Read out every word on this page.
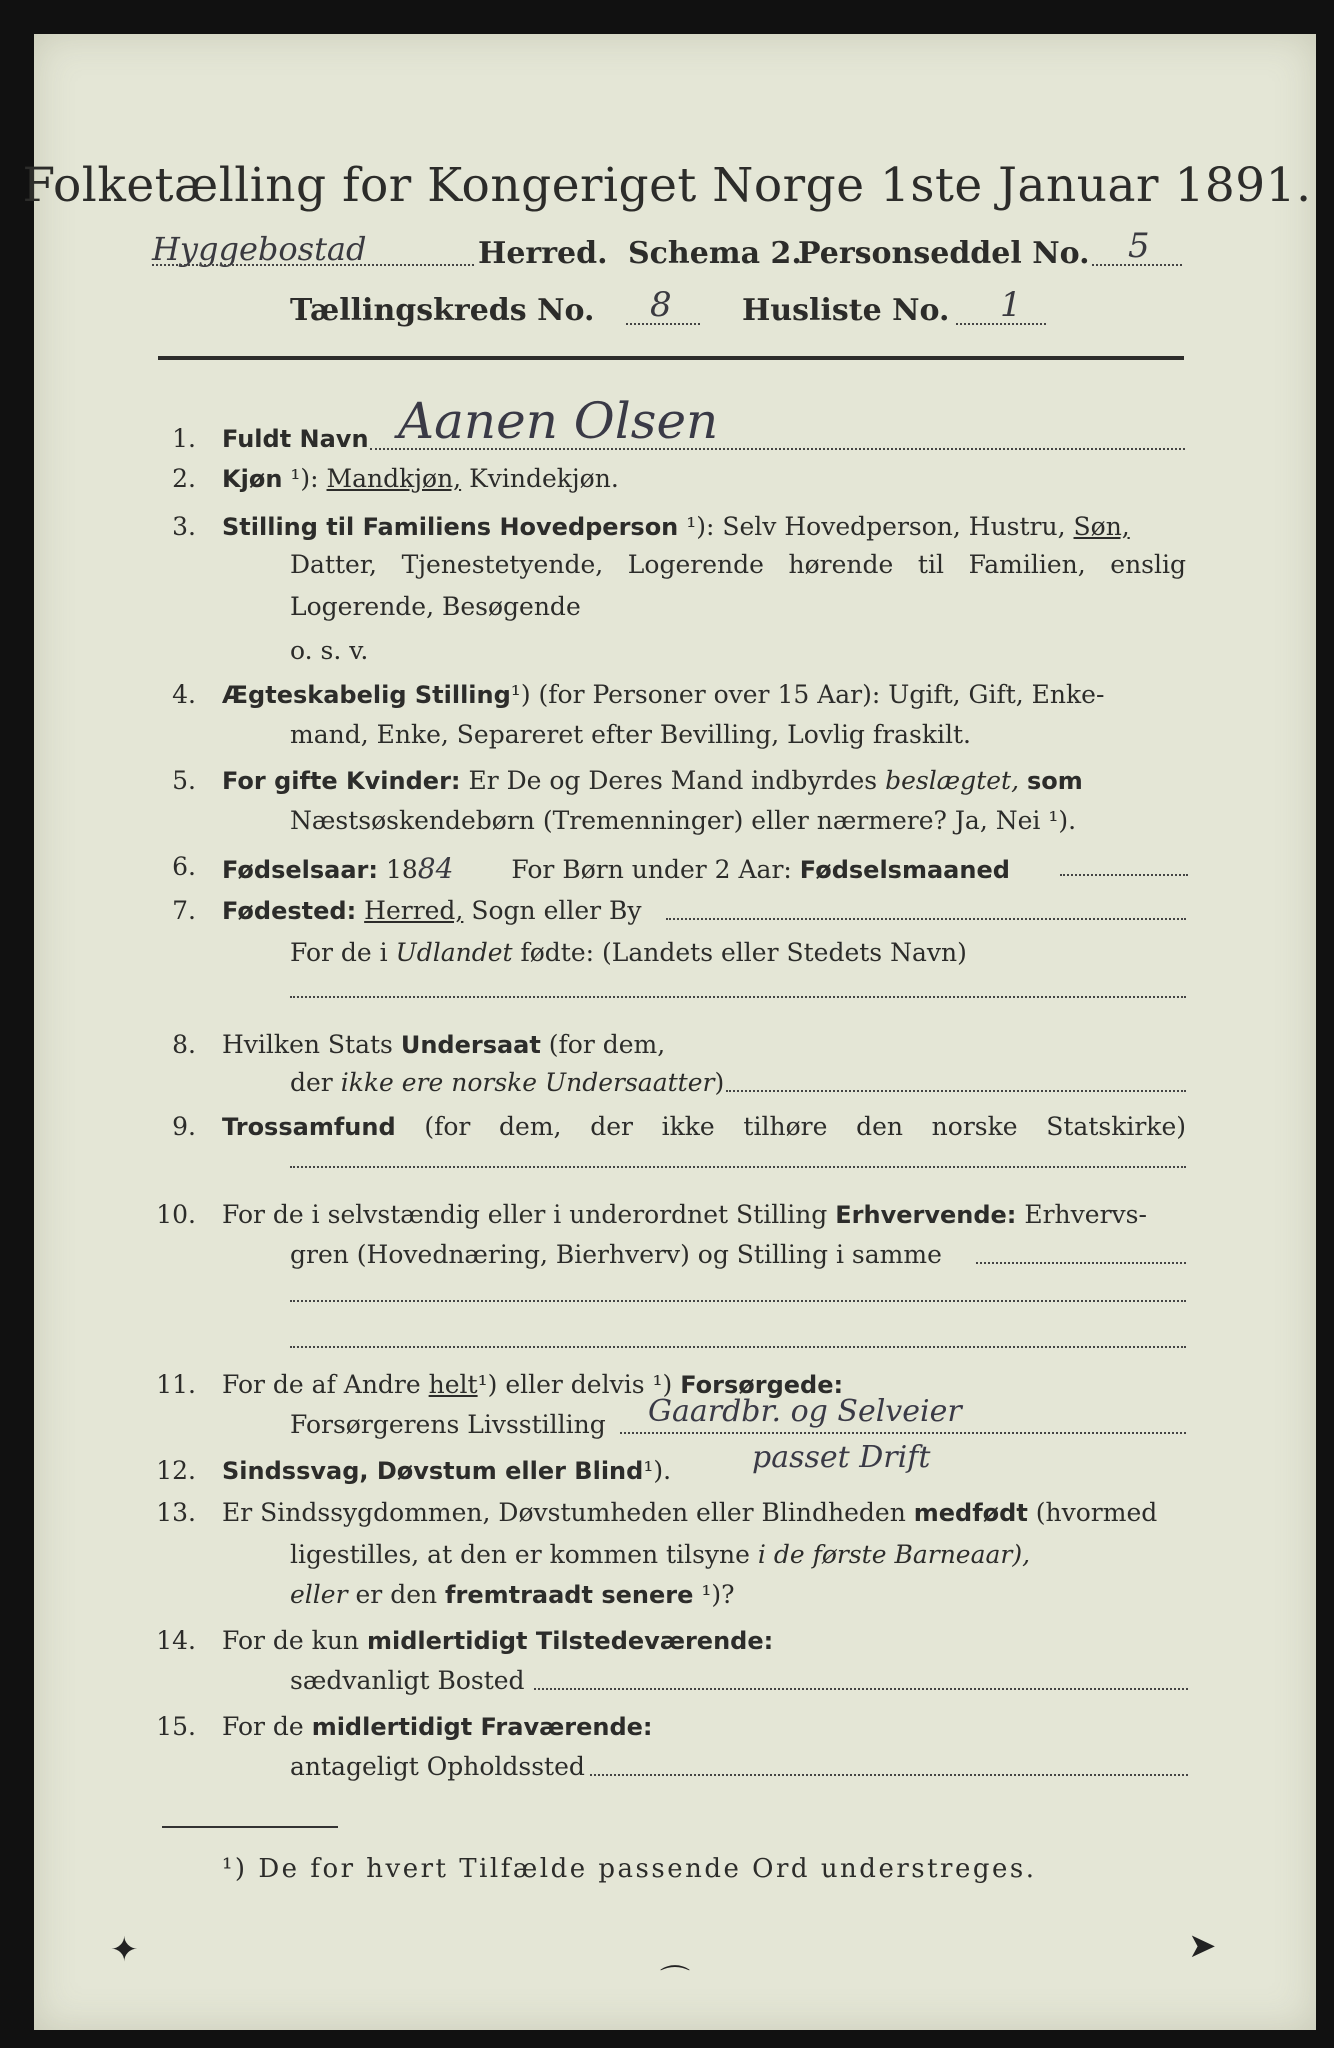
Folketælling for Kongeriget Norge 1ste Januar 1891.
Hyggebostad	Herred. Schema 2.
Personseddel No. 5
Tællingskreds No. 8 Husliste No. 1
1. Fuldt Navn Aanen Olsen
2. Kjøn ¹): Mandkjøn, Kvindekjøn.
3. Stilling til Familiens Hovedperson ¹): Selv Hovedperson, Hustru, Søn,
Datter, Tjenestetyende, Logerende hørende til Familien, enslig
Logerende, Besøgende
o. s. v.
4. Ægteskabelig Stilling¹) (for Personer over 15 Aar): Ugift, Gift, Enke-
mand, Enke, Separeret efter Bevilling, Lovlig fraskilt.
5. For gifte Kvinder: Er De og Deres Mand indbyrdes beslægtet, som
Næstsøskendebørn (Tremenninger) eller nærmere? Ja, Nei ¹).
6. Fødselsaar: 1884 For Børn under 2 Aar: Fødselsmaaned
7. Fødested: Herred, Sogn eller By
For de i Udlandet fødte: (Landets eller Stedets Navn)
8. Hvilken Stats Undersaat (for dem,
der ikke ere norske Undersaatter)
9. Trossamfund (for dem, der ikke tilhøre den norske Statskirke)
10. For de i selvstændig eller i underordnet Stilling Erhvervende: Erhvervs-
gren (Hovednæring, Bierhverv) og Stilling i samme
11. For de af Andre helt¹) eller delvis ¹) Forsørgede:
Forsørgerens Livsstilling Gaardbr. og Selveier
12. Sindssvag, Døvstum eller Blind¹).	passet Drift
13. Er Sindssygdommen, Døvstumheden eller Blindheden medfødt (hvormed
ligestilles, at den er kommen tilsyne i de første Barneaar),
eller er den fremtraadt senere ¹)?
14. For de kun midlertidigt Tilstedeværende:
sædvanligt Bosted
15. For de midlertidigt Fraværende:
antageligt Opholdssted
¹) De for hvert Tilfælde passende Ord understreges.
✦
⌒
➤
